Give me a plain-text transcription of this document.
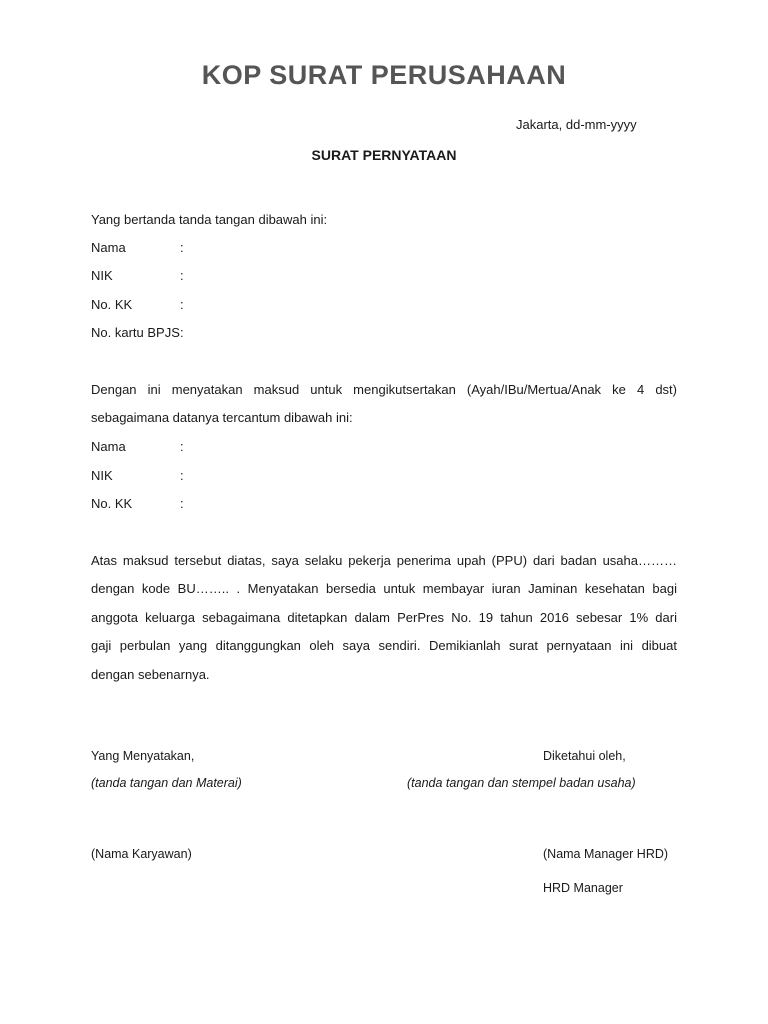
KOP SURAT PERUSAHAAN
Jakarta, dd-mm-yyyy
SURAT PERNYATAAN
Yang bertanda tanda tangan dibawah ini:
Nama	:
NIK	:
No. KK	:
No. kartu BPJS :
Dengan ini menyatakan maksud untuk mengikutsertakan (Ayah/IBu/Mertua/Anak ke 4 dst)
sebagaimana datanya tercantum dibawah ini:
Nama	:
NIK	:
No. KK	:
Atas maksud tersebut diatas, saya selaku pekerja penerima upah (PPU) dari badan usaha………
dengan kode BU…….. . Menyatakan bersedia untuk membayar iuran Jaminan kesehatan bagi
anggota keluarga sebagaimana ditetapkan dalam PerPres No. 19 tahun 2016 sebesar 1% dari
gaji perbulan yang ditanggungkan oleh saya sendiri. Demikianlah surat pernyataan ini dibuat
dengan sebenarnya.
Yang Menyatakan,
(tanda tangan dan Materai)
(Nama Karyawan)
Diketahui oleh,
(tanda tangan dan stempel badan usaha)
(Nama Manager HRD)
HRD Manager
